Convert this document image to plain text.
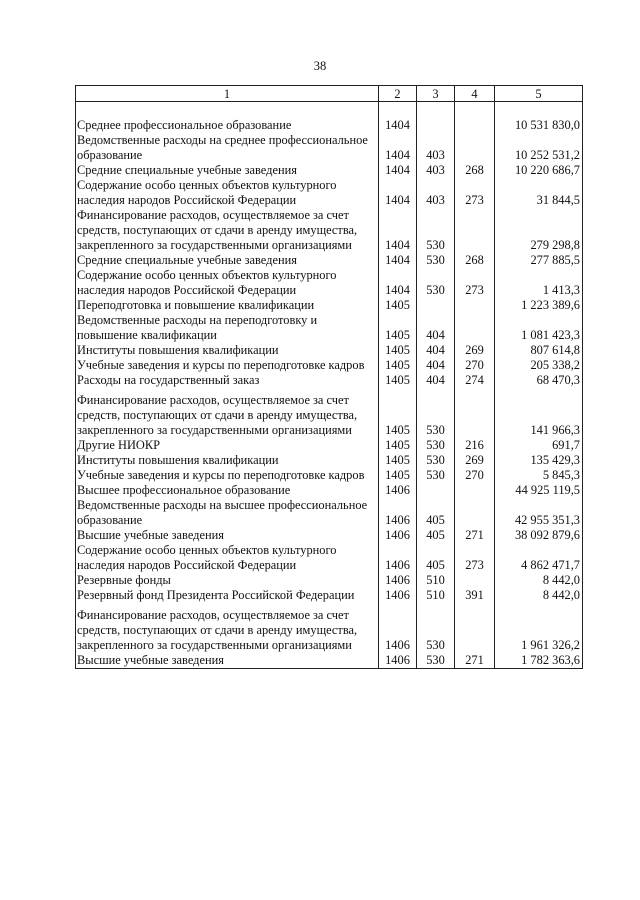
38
1	2	3	4	5

Среднее профессиональное образование	1404			10 531 830,0
Ведомственные расходы на среднее профессиональное образование	1404	403		10 252 531,2
Средние специальные учебные заведения	1404	403	268	10 220 686,7
Содержание особо ценных объектов культурного наследия народов Российской Федерации	1404	403	273	31 844,5
Финансирование расходов, осуществляемое за счет средств, поступающих от сдачи в аренду имущества, закрепленного за государственными организациями	1404	530		279 298,8
Средние специальные учебные заведения	1404	530	268	277 885,5
Содержание особо ценных объектов культурного наследия народов Российской Федерации	1404	530	273	1 413,3
Переподготовка и повышение квалификации	1405			1 223 389,6
Ведомственные расходы на переподготовку и повышение квалификации	1405	404		1 081 423,3
Институты повышения квалификации	1405	404	269	807 614,8
Учебные заведения и курсы по переподготовке кадров	1405	404	270	205 338,2
Расходы на государственный заказ	1405	404	274	68 470,3
Финансирование расходов, осуществляемое за счет средств, поступающих от сдачи в аренду имущества, закрепленного за государственными организациями	1405	530		141 966,3
Другие НИОКР	1405	530	216	691,7
Институты повышения квалификации	1405	530	269	135 429,3
Учебные заведения и курсы по переподготовке кадров	1405	530	270	5 845,3
Высшее профессиональное образование	1406			44 925 119,5
Ведомственные расходы на высшее профессиональное образование	1406	405		42 955 351,3
Высшие учебные заведения	1406	405	271	38 092 879,6
Содержание особо ценных объектов культурного наследия народов Российской Федерации	1406	405	273	4 862 471,7
Резервные фонды	1406	510		8 442,0
Резервный фонд Президента Российской Федерации	1406	510	391	8 442,0
Финансирование расходов, осуществляемое за счет средств, поступающих от сдачи в аренду имущества, закрепленного за государственными организациями	1406	530		1 961 326,2
Высшие учебные заведения	1406	530	271	1 782 363,6
